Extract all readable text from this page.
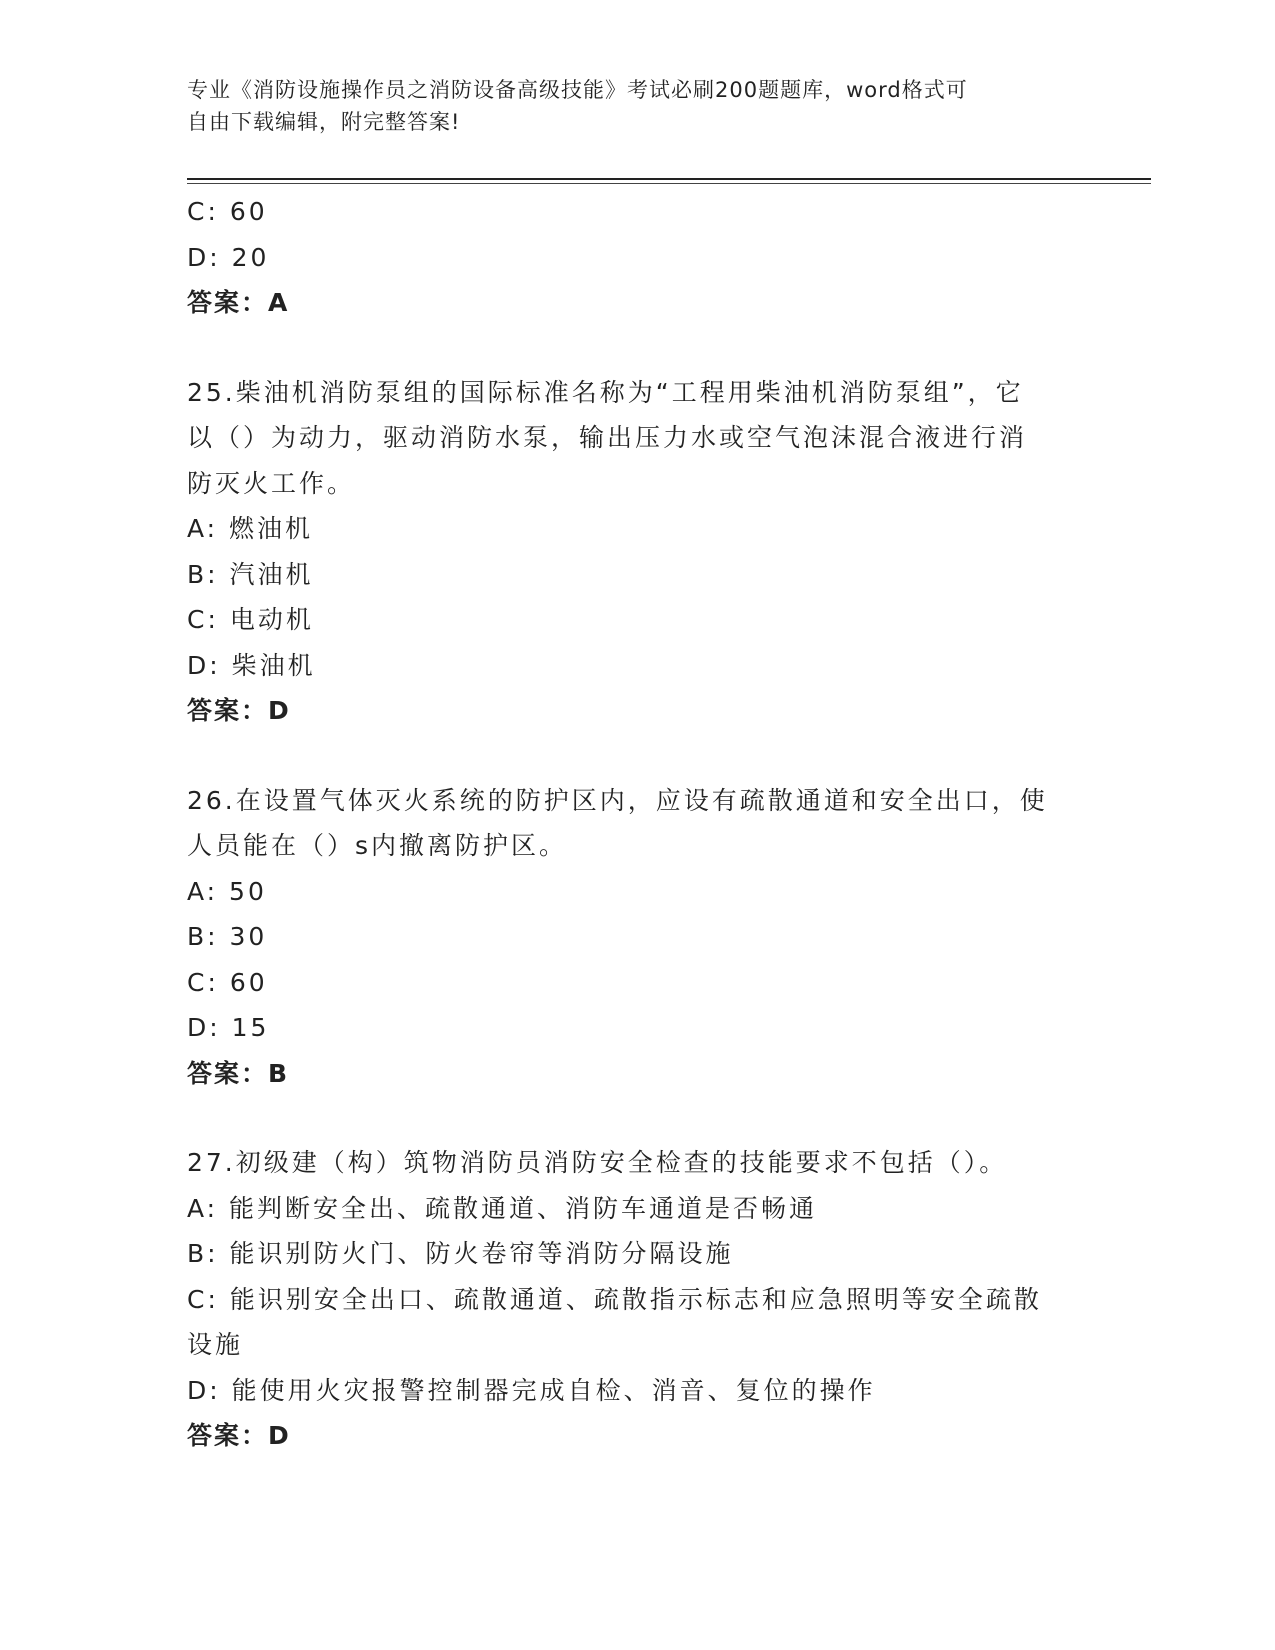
专业《消防设施操作员之消防设备高级技能》考试必刷200题题库，word格式可
自由下载编辑，附完整答案!
C: 60
D: 20
答案：A
25.柴油机消防泵组的国际标准名称为“工程用柴油机消防泵组”，它
以（）为动力，驱动消防水泵，输出压力水或空气泡沫混合液进行消
防灭火工作。
A: 燃油机
B: 汽油机
C: 电动机
D: 柴油机
答案：D
26.在设置气体灭火系统的防护区内，应设有疏散通道和安全出口，使
人员能在（）s内撤离防护区。
A: 50
B: 30
C: 60
D: 15
答案：B
27.初级建（构）筑物消防员消防安全检查的技能要求不包括（）。
A: 能判断安全出、疏散通道、消防车通道是否畅通
B: 能识别防火门、防火卷帘等消防分隔设施
C: 能识别安全出口、疏散通道、疏散指示标志和应急照明等安全疏散
设施
D: 能使用火灾报警控制器完成自检、消音、复位的操作
答案：D
